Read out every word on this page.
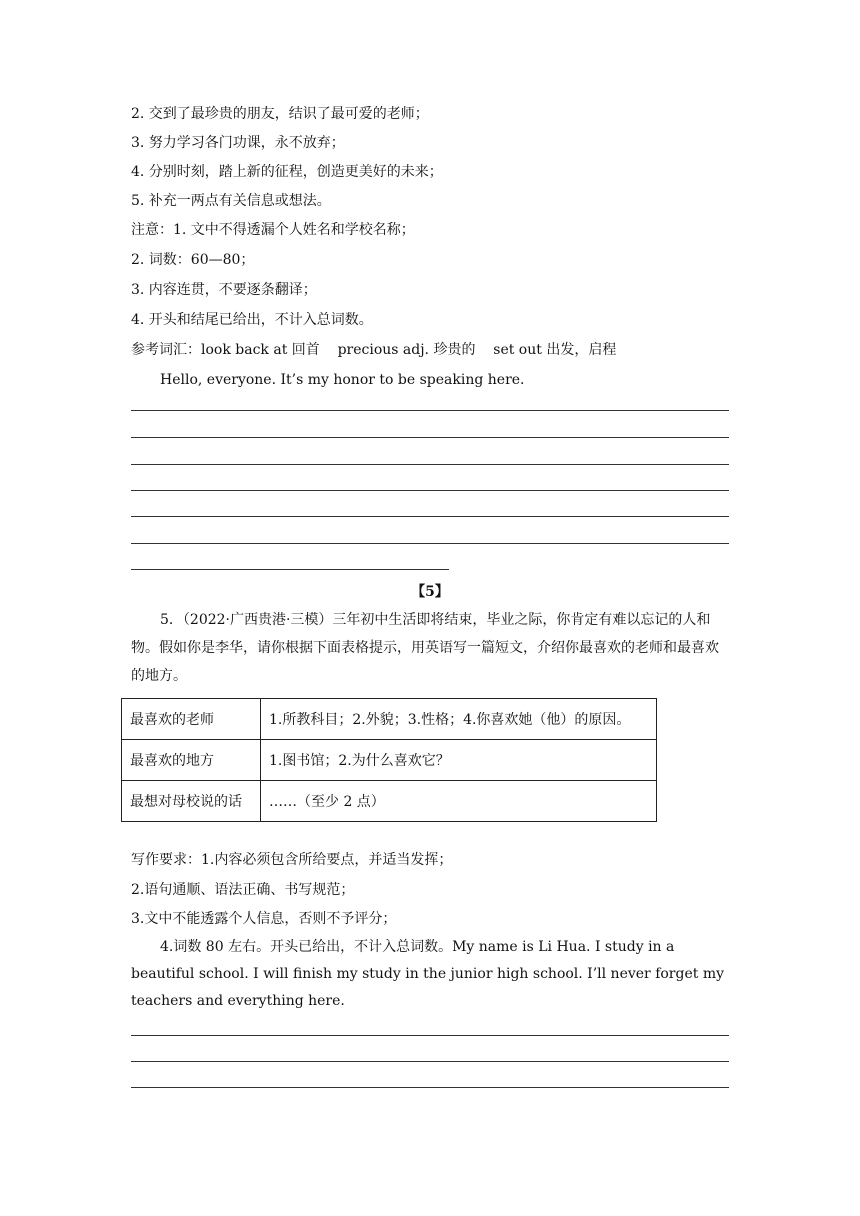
2. 交到了最珍贵的朋友，结识了最可爱的老师；
3. 努力学习各门功课，永不放弃；
4. 分别时刻，踏上新的征程，创造更美好的未来；
5. 补充一两点有关信息或想法。
注意：1. 文中不得透漏个人姓名和学校名称；
2. 词数：60—80；
3. 内容连贯，不要逐条翻译；
4. 开头和结尾已给出，不计入总词数。
参考词汇：look back at 回首    precious adj. 珍贵的    set out 出发，启程
Hello, everyone. It’s my honor to be speaking here.
【5】
5．（2022·广西贵港·三模）三年初中生活即将结束，毕业之际，你肯定有难以忘记的人和物。假如你是李华，请你根据下面表格提示，用英语写一篇短文，介绍你最喜欢的老师和最喜欢的地方。
最喜欢的老师	1.所教科目；2.外貌；3.性格；4.你喜欢她（他）的原因。
最喜欢的地方	1.图书馆；2.为什么喜欢它？
最想对母校说的话	……（至少 2 点）
写作要求：1.内容必须包含所给要点，并适当发挥；
2.语句通顺、语法正确、书写规范；
3.文中不能透露个人信息，否则不予评分；
4.词数 80 左右。开头已给出，不计入总词数。My name is Li Hua. I study in a beautiful school. I will finish my study in the junior high school. I’ll never forget my teachers and everything here.
